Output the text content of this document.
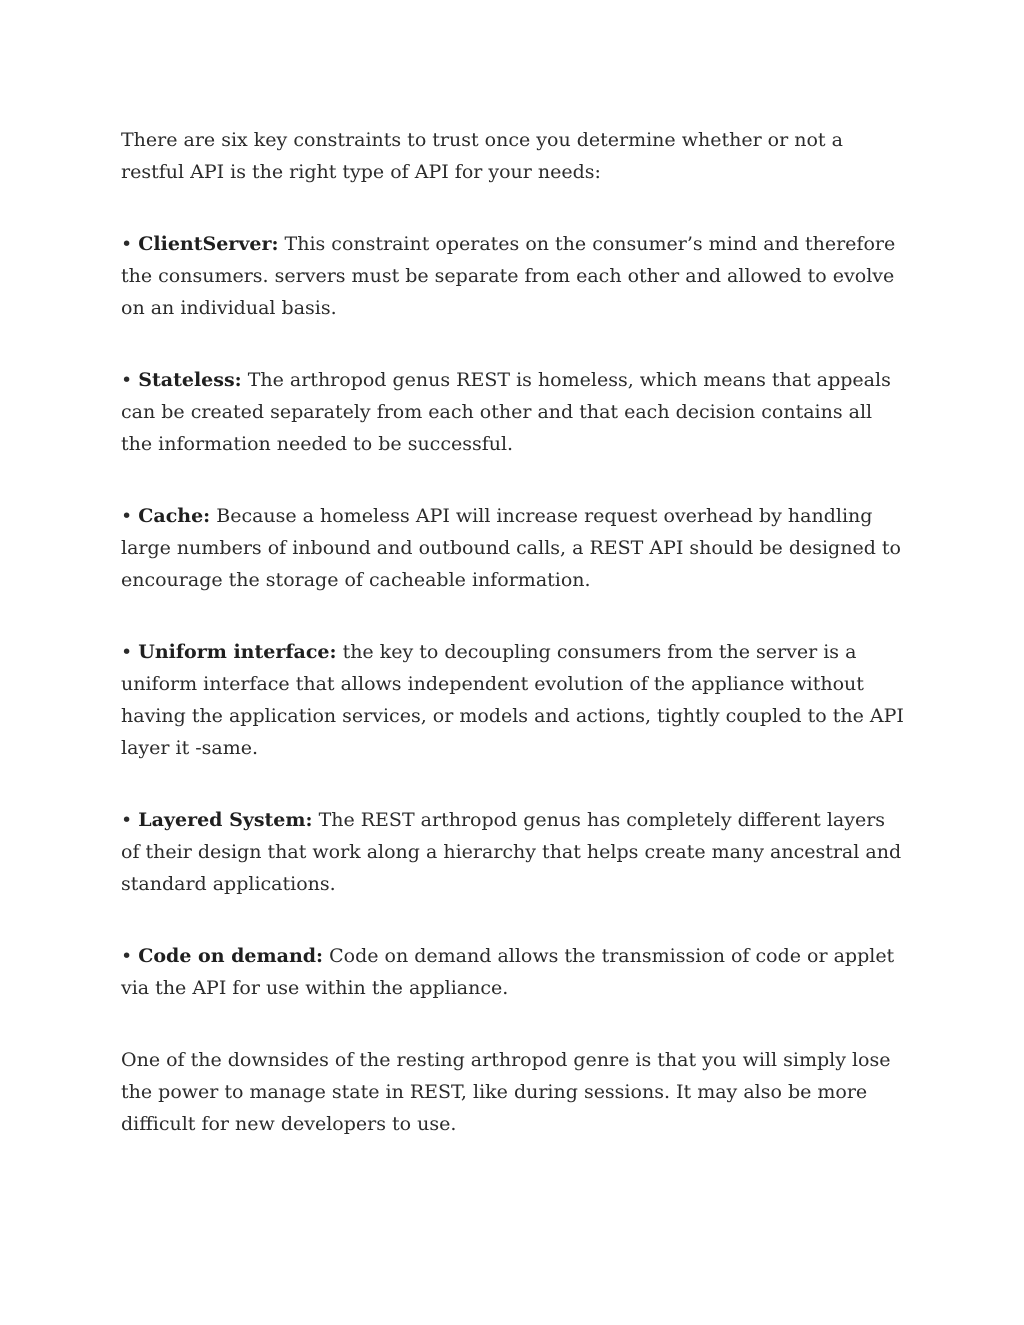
There are six key constraints to trust once you determine whether or not a restful API is the right type of API for your needs:

• ClientServer: This constraint operates on the consumer’s mind and therefore the consumers. servers must be separate from each other and allowed to evolve on an individual basis.

• Stateless: The arthropod genus REST is homeless, which means that appeals can be created separately from each other and that each decision contains all the information needed to be successful.

• Cache: Because a homeless API will increase request overhead by handling large numbers of inbound and outbound calls, a REST API should be designed to encourage the storage of cacheable information.

• Uniform interface: the key to decoupling consumers from the server is a uniform interface that allows independent evolution of the appliance without having the application services, or models and actions, tightly coupled to the API layer it -same.

• Layered System: The REST arthropod genus has completely different layers of their design that work along a hierarchy that helps create many ancestral and standard applications.

• Code on demand: Code on demand allows the transmission of code or applet via the API for use within the appliance.

One of the downsides of the resting arthropod genre is that you will simply lose the power to manage state in REST, like during sessions. It may also be more difficult for new developers to use.
